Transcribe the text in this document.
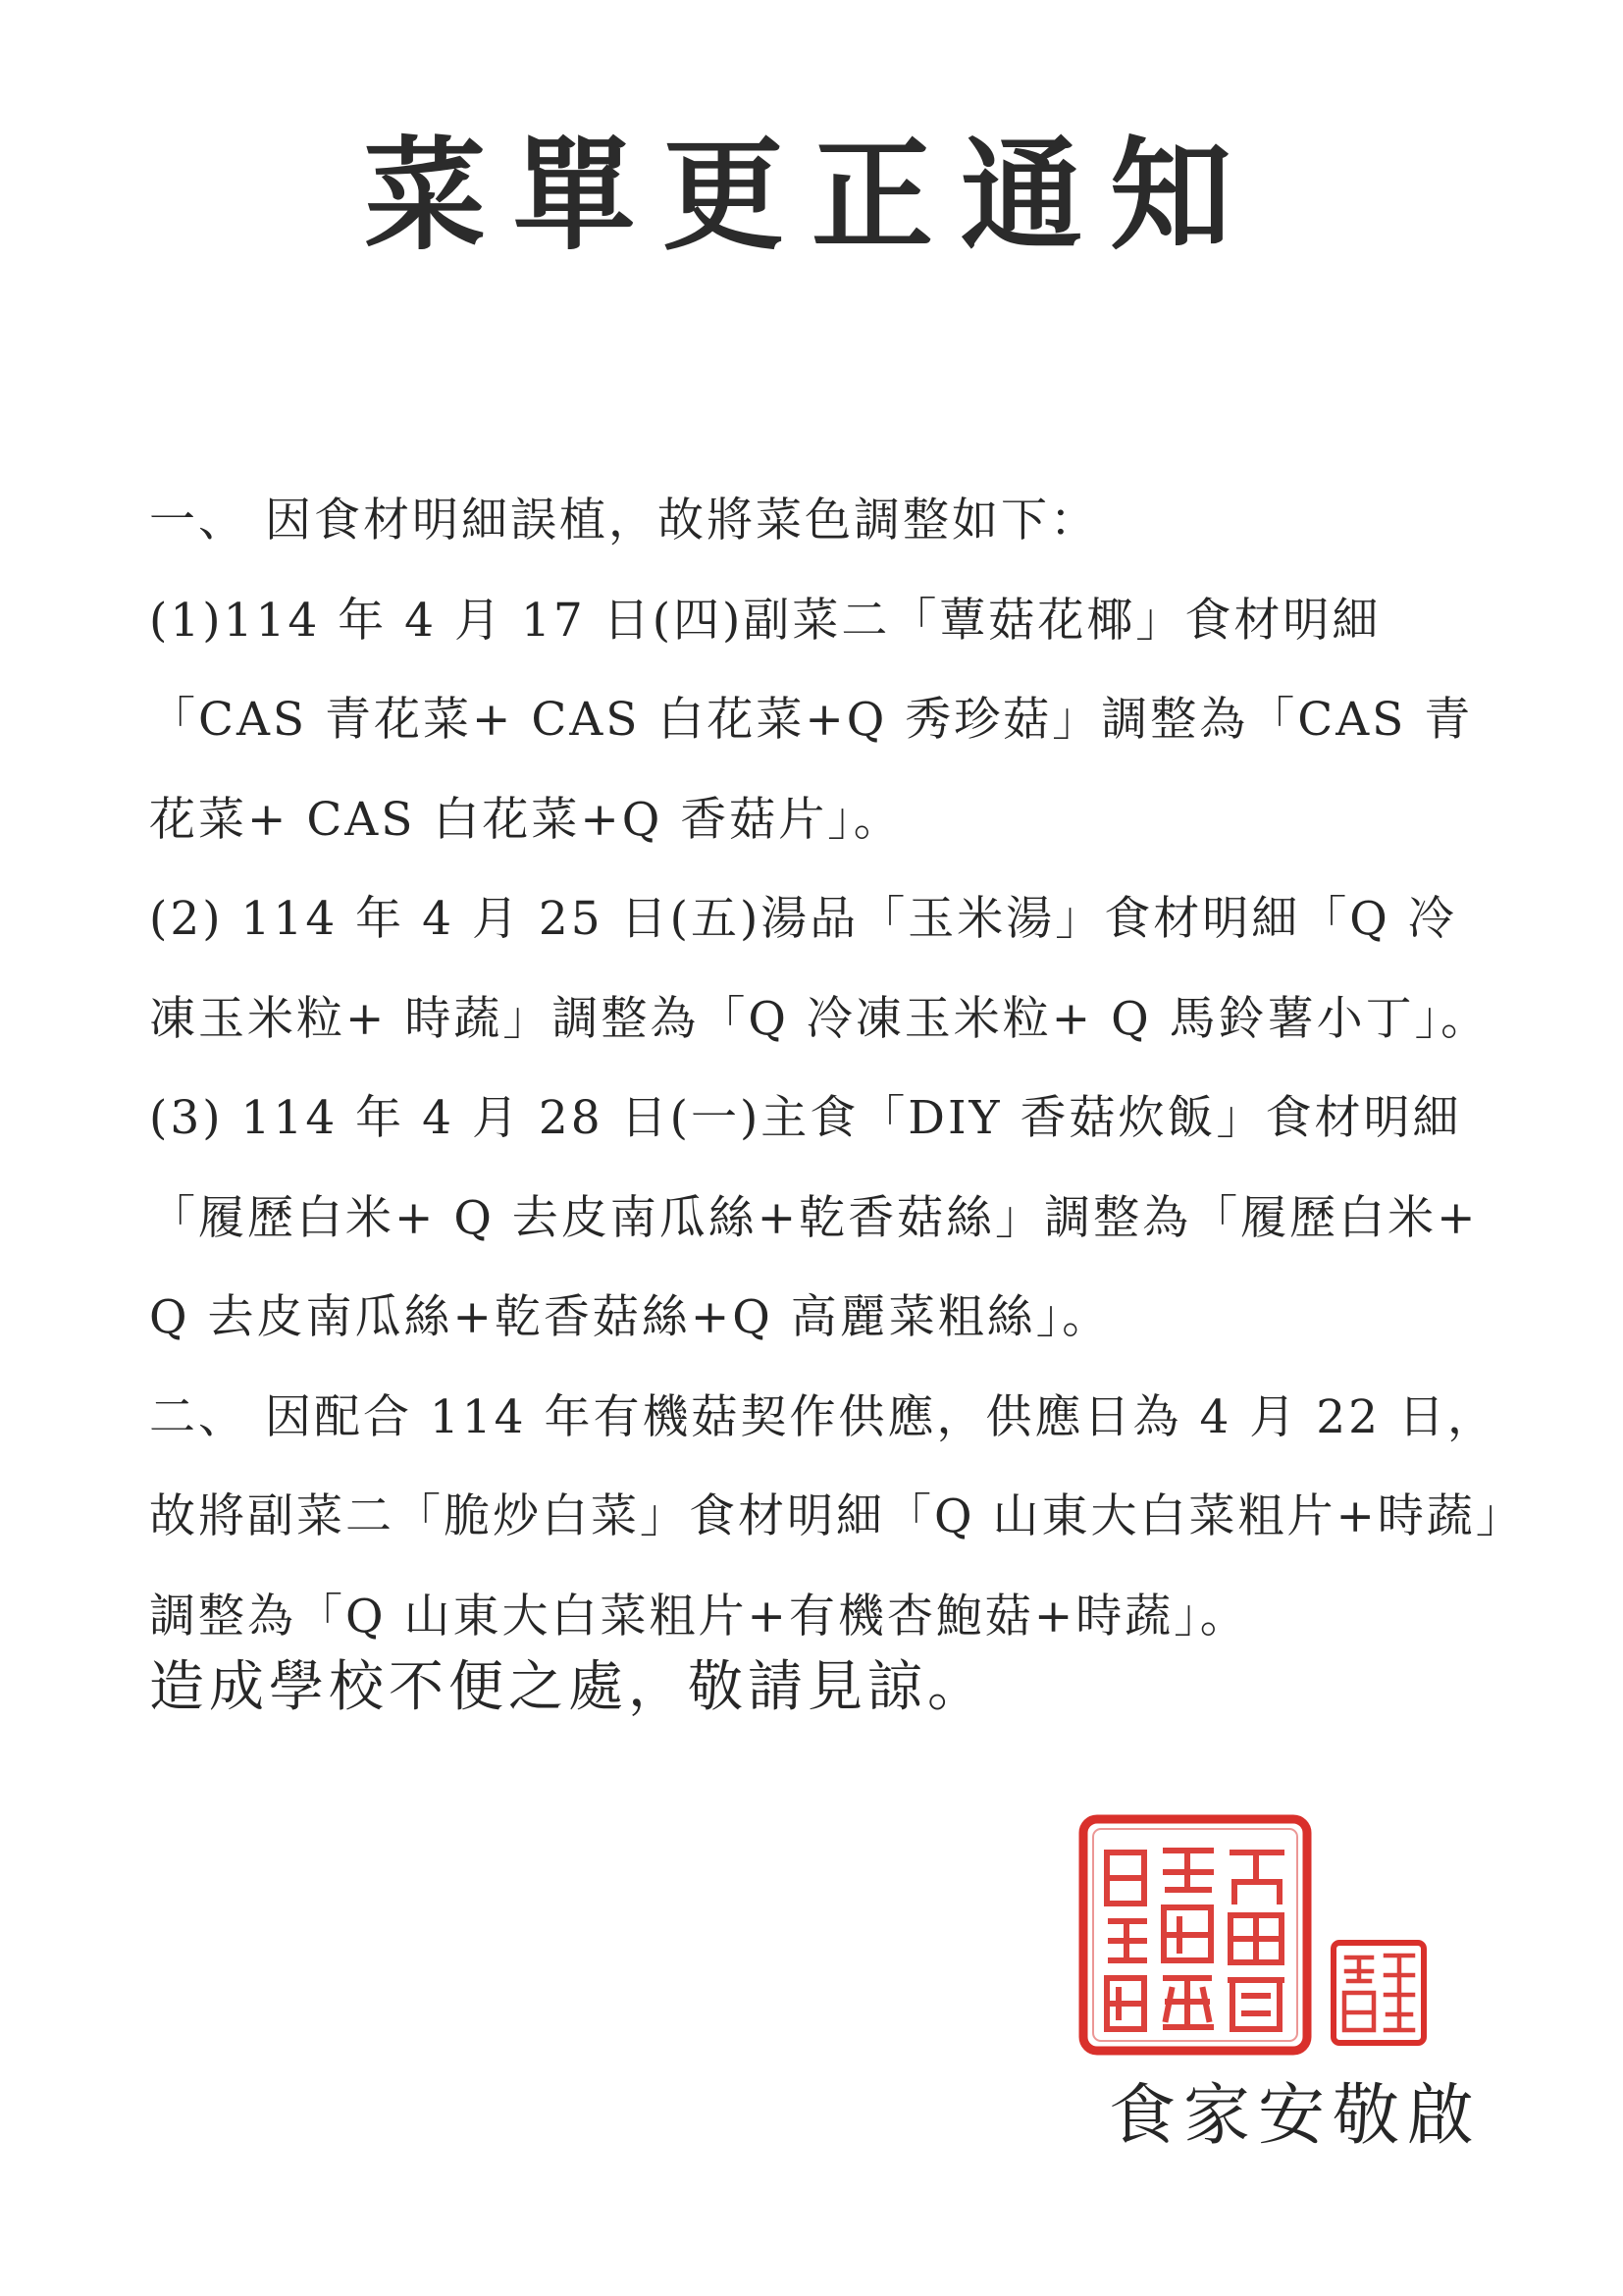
菜單更正通知

一、 因食材明細誤植，故將菜色調整如下：

(1)114 年 4 月 17 日(四)副菜二「蕈菇花椰」食材明細「CAS 青花菜+ CAS 白花菜+Q 秀珍菇」調整為「CAS 青花菜+ CAS 白花菜+Q 香菇片」。

(2) 114 年 4 月 25 日(五)湯品「玉米湯」食材明細「Q 冷凍玉米粒+ 時蔬」調整為「Q 冷凍玉米粒+ Q 馬鈴薯小丁」。

(3) 114 年 4 月 28 日(一)主食「DIY 香菇炊飯」食材明細「履歷白米+ Q 去皮南瓜絲+乾香菇絲」調整為「履歷白米+ Q 去皮南瓜絲+乾香菇絲+Q 高麗菜粗絲」。

二、 因配合 114 年有機菇契作供應，供應日為 4 月 22 日，故將副菜二「脆炒白菜」食材明細「Q 山東大白菜粗片+時蔬」調整為「Q 山東大白菜粗片+有機杏鮑菇+時蔬」。

造成學校不便之處，敬請見諒。
食家安敬啟
